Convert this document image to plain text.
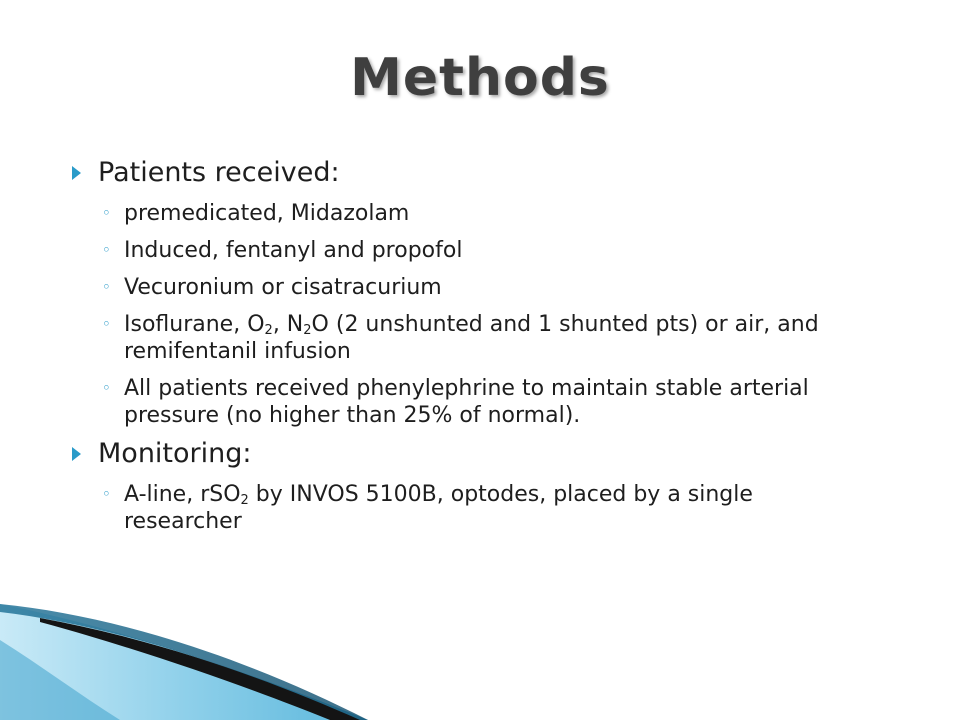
Methods
Patients received:
◦ premedicated, Midazolam
◦ Induced, fentanyl and propofol
◦ Vecuronium or cisatracurium
◦ Isoflurane, $O_2$, $N_2O$ (2 unshunted and 1 shunted pts) or air, and remifentanil infusion
◦ All patients received phenylephrine to maintain stable arterial pressure (no higher than 25% of normal).
Monitoring:
◦ A-line, rSO$_2$ by INVOS 5100B, optodes, placed by a single researcher
